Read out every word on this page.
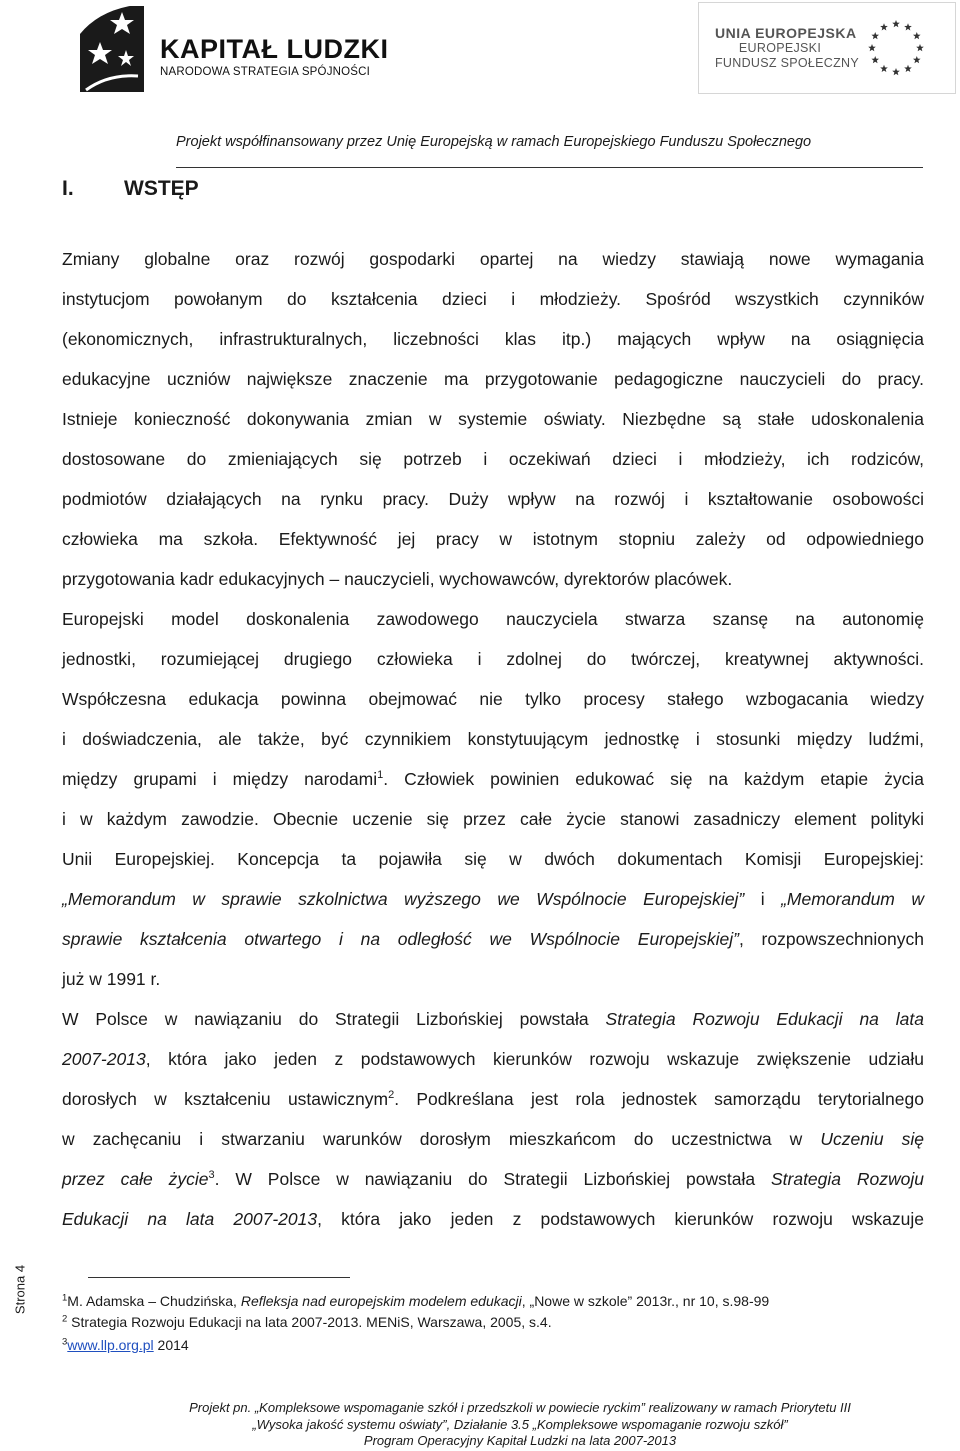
KAPITAŁ LUDZKI
NARODOWA STRATEGIA SPÓJNOŚCI
UNIA EUROPEJSKA
EUROPEJSKI
FUNDUSZ SPOŁECZNY
Projekt współfinansowany przez Unię Europejską w ramach Europejskiego Funduszu Społecznego
I. WSTĘP
Zmiany globalne oraz rozwój gospodarki opartej na wiedzy stawiają nowe wymagania
instytucjom powołanym do kształcenia dzieci i młodzieży. Spośród wszystkich czynników
(ekonomicznych, infrastrukturalnych, liczebności klas itp.) mających wpływ na osiągnięcia
edukacyjne uczniów największe znaczenie ma przygotowanie pedagogiczne nauczycieli do pracy.
Istnieje konieczność dokonywania zmian w systemie oświaty. Niezbędne są stałe udoskonalenia
dostosowane do zmieniających się potrzeb i oczekiwań dzieci i młodzieży, ich rodziców,
podmiotów działających na rynku pracy. Duży wpływ na rozwój i kształtowanie osobowości
człowieka ma szkoła. Efektywność jej pracy w istotnym stopniu zależy od odpowiedniego
przygotowania kadr edukacyjnych – nauczycieli, wychowawców, dyrektorów placówek.
Europejski model doskonalenia zawodowego nauczyciela stwarza szansę na autonomię
jednostki, rozumiejącej drugiego człowieka i zdolnej do twórczej, kreatywnej aktywności.
Współczesna edukacja powinna obejmować nie tylko procesy stałego wzbogacania wiedzy
i doświadczenia, ale także, być czynnikiem konstytuującym jednostkę i stosunki między ludźmi,
między grupami i między narodami$^1$. Człowiek powinien edukować się na każdym etapie życia
i w każdym zawodzie. Obecnie uczenie się przez całe życie stanowi zasadniczy element polityki
Unii Europejskiej. Koncepcja ta pojawiła się w dwóch dokumentach Komisji Europejskiej:
„Memorandum w sprawie szkolnictwa wyższego we Wspólnocie Europejskiej” i „Memorandum w
sprawie kształcenia otwartego i na odległość we Wspólnocie Europejskiej”, rozpowszechnionych
już w 1991 r.
W Polsce w nawiązaniu do Strategii Lizbońskiej powstała Strategia Rozwoju Edukacji na lata
2007-2013, która jako jeden z podstawowych kierunków rozwoju wskazuje zwiększenie udziału
dorosłych w kształceniu ustawicznym$^2$. Podkreślana jest rola jednostek samorządu terytorialnego
w zachęcaniu i stwarzaniu warunków dorosłym mieszkańcom do uczestnictwa w Uczeniu się
przez całe życie$^3$. W Polsce w nawiązaniu do Strategii Lizbońskiej powstała Strategia Rozwoju
Edukacji na lata 2007-2013, która jako jeden z podstawowych kierunków rozwoju wskazuje
Strona 4	$^1$M. Adamska – Chudzińska, Refleksja nad europejskim modelem edukacji, „Nowe w szkole” 2013r., nr 10, s.98-99
$^2$ Strategia Rozwoju Edukacji na lata 2007-2013. MENiS, Warszawa, 2005, s.4.
$^3$www.llp.org.pl 2014
Projekt pn. „Kompleksowe wspomaganie szkół i przedszkoli w powiecie ryckim” realizowany w ramach Priorytetu III
„Wysoka jakość systemu oświaty”, Działanie 3.5 „Kompleksowe wspomaganie rozwoju szkół”
Program Operacyjny Kapitał Ludzki na lata 2007-2013
